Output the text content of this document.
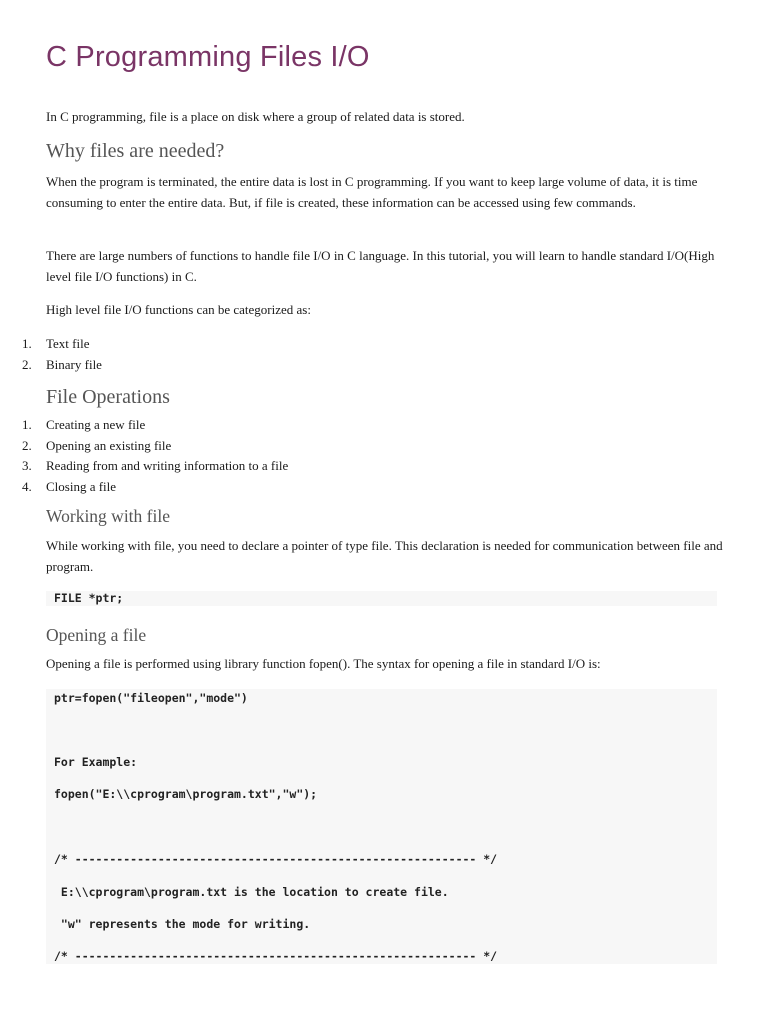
C Programming Files I/O

In C programming, file is a place on disk where a group of related data is stored.

Why files are needed?

When the program is terminated, the entire data is lost in C programming. If you want to keep large volume of data, it is time consuming to enter the entire data. But, if file is created, these information can be accessed using few commands.

There are large numbers of functions to handle file I/O in C language. In this tutorial, you will learn to handle standard I/O(High level file I/O functions) in C.

High level file I/O functions can be categorized as:

1.	Text file
2.	Binary file
File Operations
1.	Creating a new file
2.	Opening an existing file
3.	Reading from and writing information to a file
4.	Closing a file
Working with file

While working with file, you need to declare a pointer of type file. This declaration is needed for communication between file and program.

FILE *ptr;
Opening a file

Opening a file is performed using library function fopen(). The syntax for opening a file in standard I/O is:

ptr=fopen("fileopen","mode")
For Example:
fopen("E:\\cprogram\program.txt","w");
/* ---------------------------------------------------------- */
E:\\cprogram\program.txt is the location to create file.
"w" represents the mode for writing.
/* ---------------------------------------------------------- */
